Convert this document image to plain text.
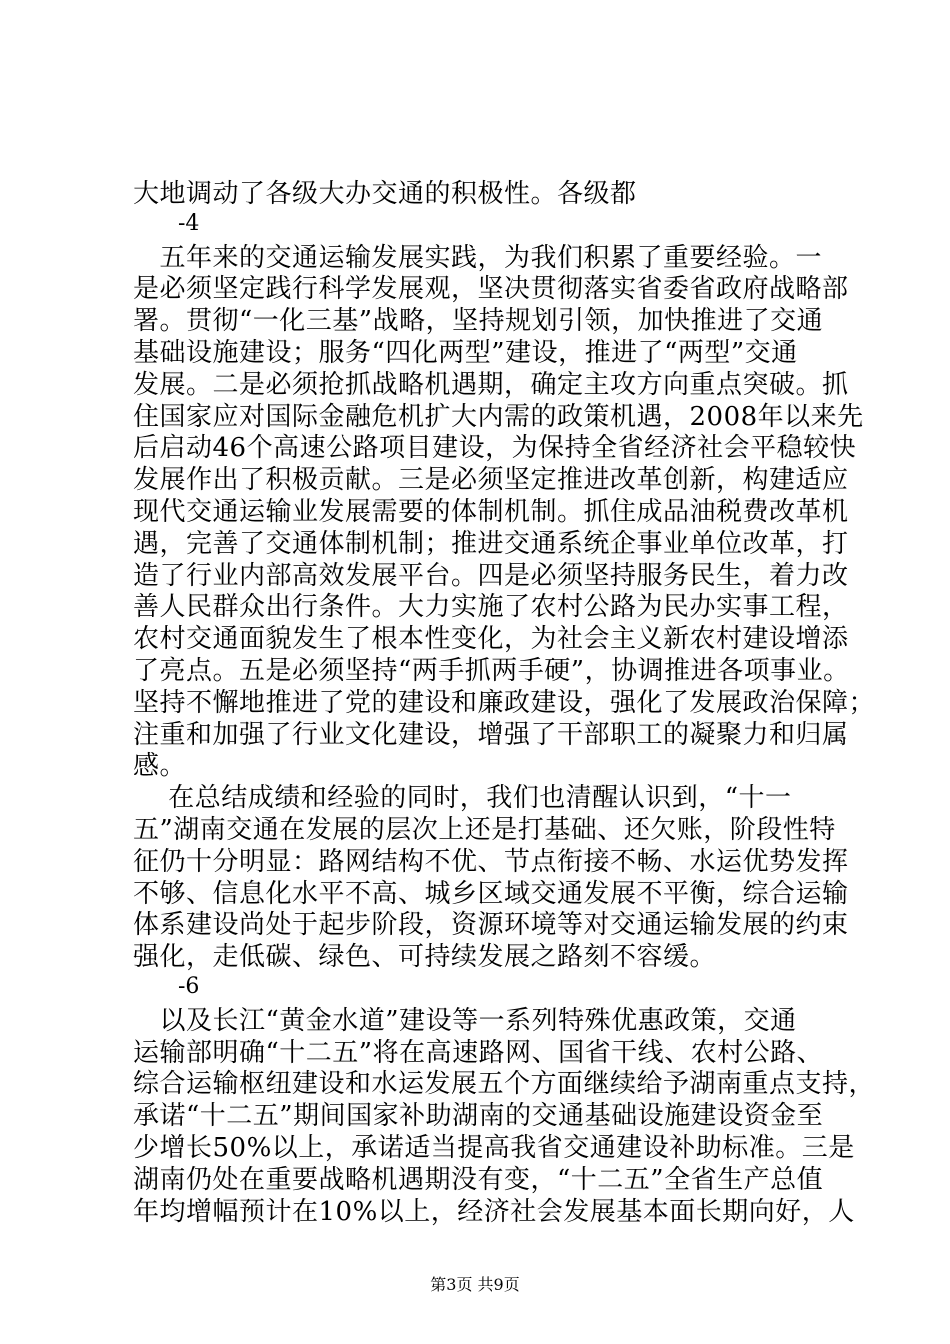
大地调动了各级大办交通的积极性。各级都
-4
　五年来的交通运输发展实践，为我们积累了重要经验。一
是必须坚定践行科学发展观，坚决贯彻落实省委省政府战略部
署。贯彻“一化三基”战略，坚持规划引领，加快推进了交通
基础设施建设；服务“四化两型”建设，推进了“两型”交通
发展。二是必须抢抓战略机遇期，确定主攻方向重点突破。抓
住国家应对国际金融危机扩大内需的政策机遇，2008年以来先
后启动46个高速公路项目建设，为保持全省经济社会平稳较快
发展作出了积极贡献。三是必须坚定推进改革创新，构建适应
现代交通运输业发展需要的体制机制。抓住成品油税费改革机
遇，完善了交通体制机制；推进交通系统企事业单位改革，打
造了行业内部高效发展平台。四是必须坚持服务民生，着力改
善人民群众出行条件。大力实施了农村公路为民办实事工程，
农村交通面貌发生了根本性变化，为社会主义新农村建设增添
了亮点。五是必须坚持“两手抓两手硬”，协调推进各项事业。
坚持不懈地推进了党的建设和廉政建设，强化了发展政治保障；
注重和加强了行业文化建设，增强了干部职工的凝聚力和归属
感。
　 在总结成绩和经验的同时，我们也清醒认识到，“十一
五”湖南交通在发展的层次上还是打基础、还欠账，阶段性特
征仍十分明显：路网结构不优、节点衔接不畅、水运优势发挥
不够、信息化水平不高、城乡区域交通发展不平衡，综合运输
体系建设尚处于起步阶段，资源环境等对交通运输发展的约束
强化，走低碳、绿色、可持续发展之路刻不容缓。
-6
　以及长江“黄金水道”建设等一系列特殊优惠政策，交通
运输部明确“十二五”将在高速路网、国省干线、农村公路、
综合运输枢纽建设和水运发展五个方面继续给予湖南重点支持，
承诺“十二五”期间国家补助湖南的交通基础设施建设资金至
少增长50%以上，承诺适当提高我省交通建设补助标准。三是
湖南仍处在重要战略机遇期没有变，“十二五”全省生产总值
年均增幅预计在10%以上，经济社会发展基本面长期向好，人
第3页 共9页
